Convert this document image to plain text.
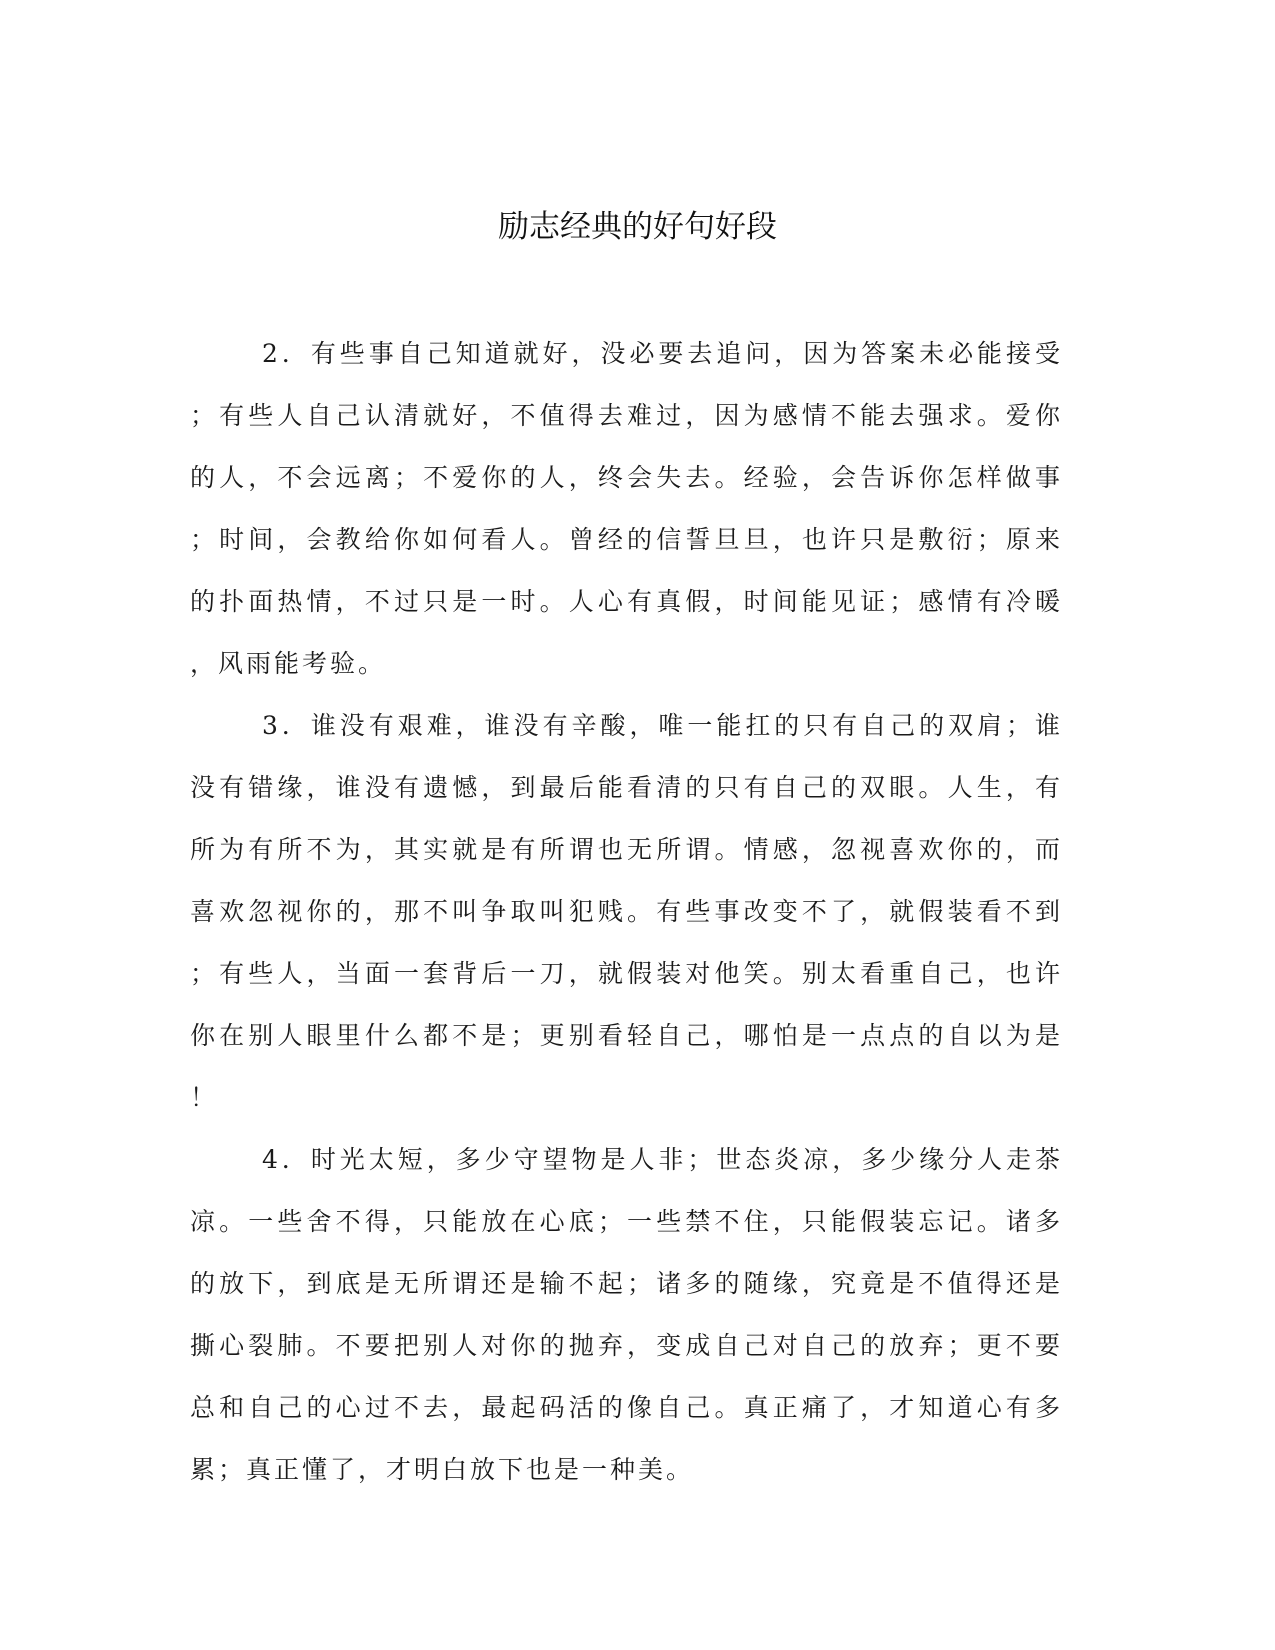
励志经典的好句好段
2．有些事自己知道就好，没必要去追问，因为答案未必能接受
；有些人自己认清就好，不值得去难过，因为感情不能去强求。爱你
的人，不会远离；不爱你的人，终会失去。经验，会告诉你怎样做事
；时间，会教给你如何看人。曾经的信誓旦旦，也许只是敷衍；原来
的扑面热情，不过只是一时。人心有真假，时间能见证；感情有冷暖
，风雨能考验。
3．谁没有艰难，谁没有辛酸，唯一能扛的只有自己的双肩；谁
没有错缘，谁没有遗憾，到最后能看清的只有自己的双眼。人生，有
所为有所不为，其实就是有所谓也无所谓。情感，忽视喜欢你的，而
喜欢忽视你的，那不叫争取叫犯贱。有些事改变不了，就假装看不到
；有些人，当面一套背后一刀，就假装对他笑。别太看重自己，也许
你在别人眼里什么都不是；更别看轻自己，哪怕是一点点的自以为是
！
4．时光太短，多少守望物是人非；世态炎凉，多少缘分人走茶
凉。一些舍不得，只能放在心底；一些禁不住，只能假装忘记。诸多
的放下，到底是无所谓还是输不起；诸多的随缘，究竟是不值得还是
撕心裂肺。不要把别人对你的抛弃，变成自己对自己的放弃；更不要
总和自己的心过不去，最起码活的像自己。真正痛了，才知道心有多
累；真正懂了，才明白放下也是一种美。
